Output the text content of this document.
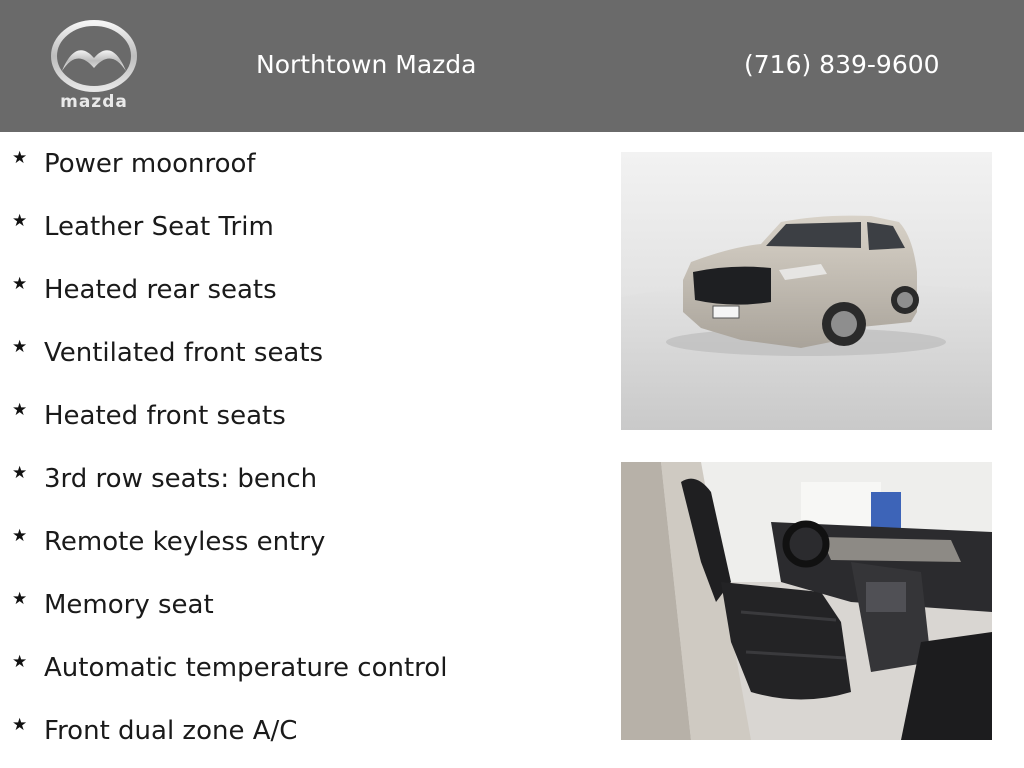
mazda
Northtown Mazda	(716) 839-9600
★ Power moonroof
★ Leather Seat Trim
★ Heated rear seats
★ Ventilated front seats
★ Heated front seats
★ 3rd row seats: bench
★ Remote keyless entry
★ Memory seat
★ Automatic temperature control
★ Front dual zone A/C
